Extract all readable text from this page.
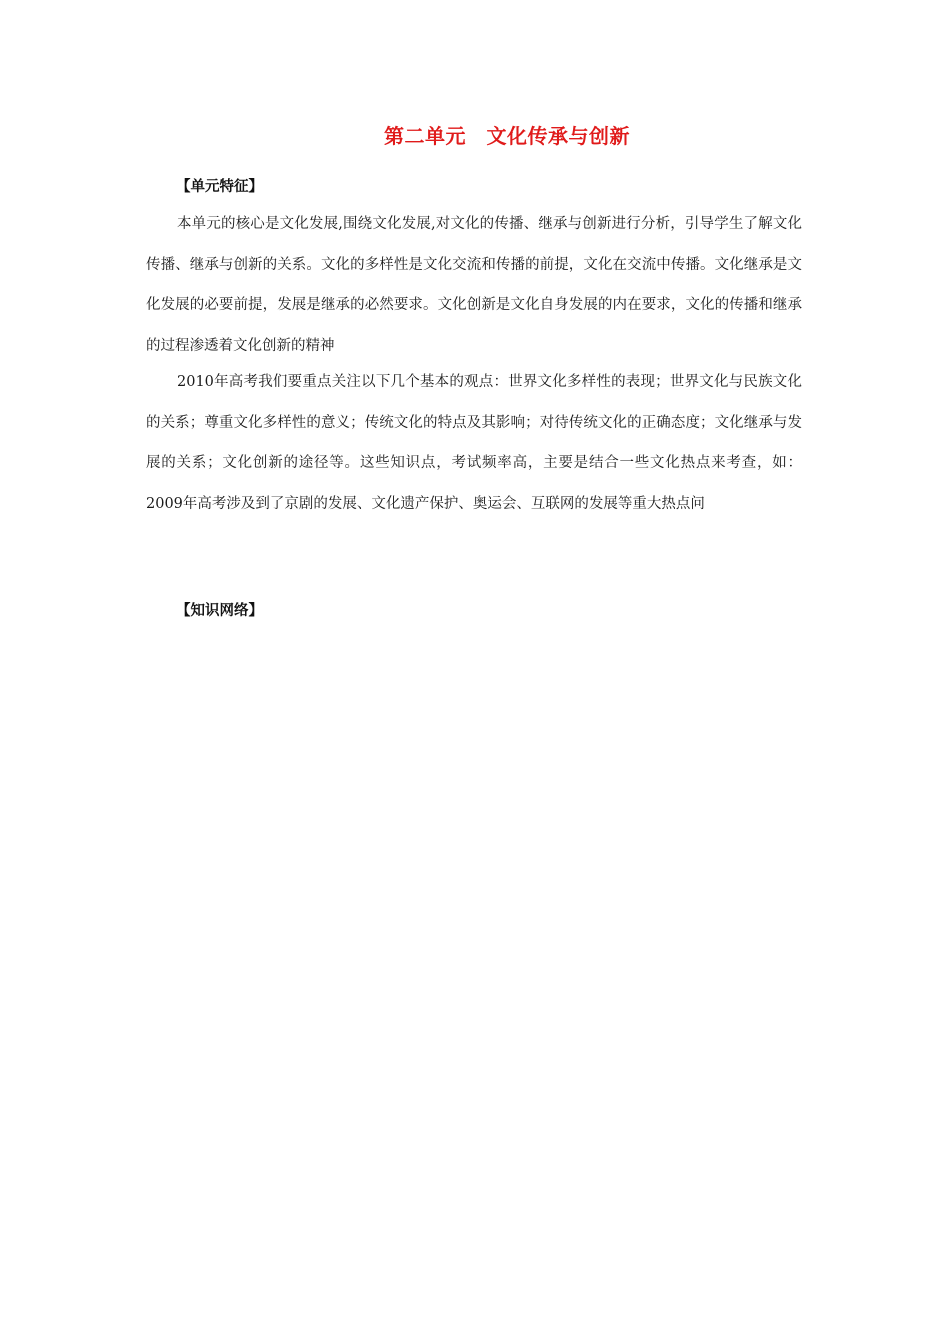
第二单元　文化传承与创新
【单元特征】

本单元的核心是文化发展,围绕文化发展,对文化的传播、继承与创新进行分析，引导学生了解文化传播、继承与创新的关系。文化的多样性是文化交流和传播的前提，文化在交流中传播。文化继承是文化发展的必要前提，发展是继承的必然要求。文化创新是文化自身发展的内在要求，文化的传播和继承的过程渗透着文化创新的精神

2010年高考我们要重点关注以下几个基本的观点：世界文化多样性的表现；世界文化与民族文化的关系；尊重文化多样性的意义；传统文化的特点及其影响；对待传统文化的正确态度；文化继承与发展的关系；文化创新的途径等。这些知识点，考试频率高，主要是结合一些文化热点来考查，如：2009年高考涉及到了京剧的发展、文化遗产保护、奥运会、互联网的发展等重大热点问

【知识网络】
